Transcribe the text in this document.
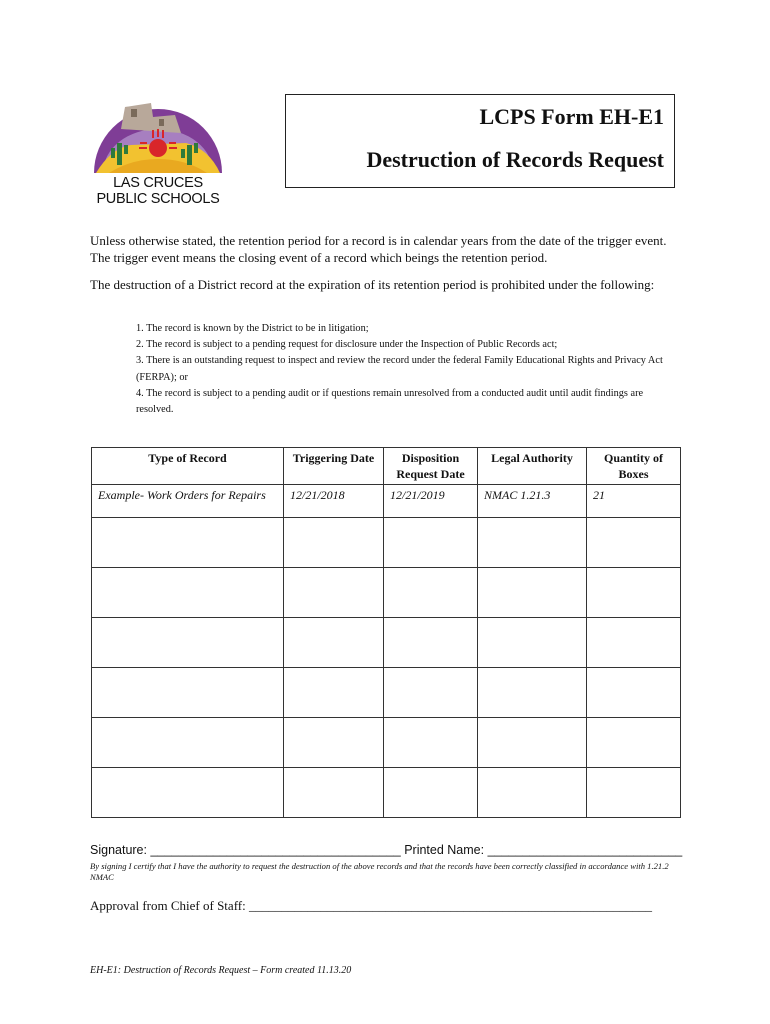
LAS CRUCES PUBLIC SCHOOLS
LCPS Form EH-E1
Destruction of Records Request
Unless otherwise stated, the retention period for a record is in calendar years from the date of the trigger event. The trigger event means the closing event of a record which beings the retention period.
The destruction of a District record at the expiration of its retention period is prohibited under the following:
1. The record is known by the District to be in litigation;
2. The record is subject to a pending request for disclosure under the Inspection of Public Records act;
3. There is an outstanding request to inspect and review the record under the federal Family Educational Rights and Privacy Act (FERPA); or
4. The record is subject to a pending audit or if questions remain unresolved from a conducted audit until audit findings are resolved.
Type of Record	Triggering Date	Disposition Request Date	Legal Authority	Quantity of Boxes
Example- Work Orders for Repairs	12/21/2018	12/21/2019	NMAC 1.21.3	21

Signature: ____________________________________ Printed Name: ____________________________
By signing I certify that I have the authority to request the destruction of the above records and that the records have been correctly classified in accordance with 1.21.2 NMAC
Approval from Chief of Staff: ______________________________________________________________
EH-E1: Destruction of Records Request – Form created 11.13.20
